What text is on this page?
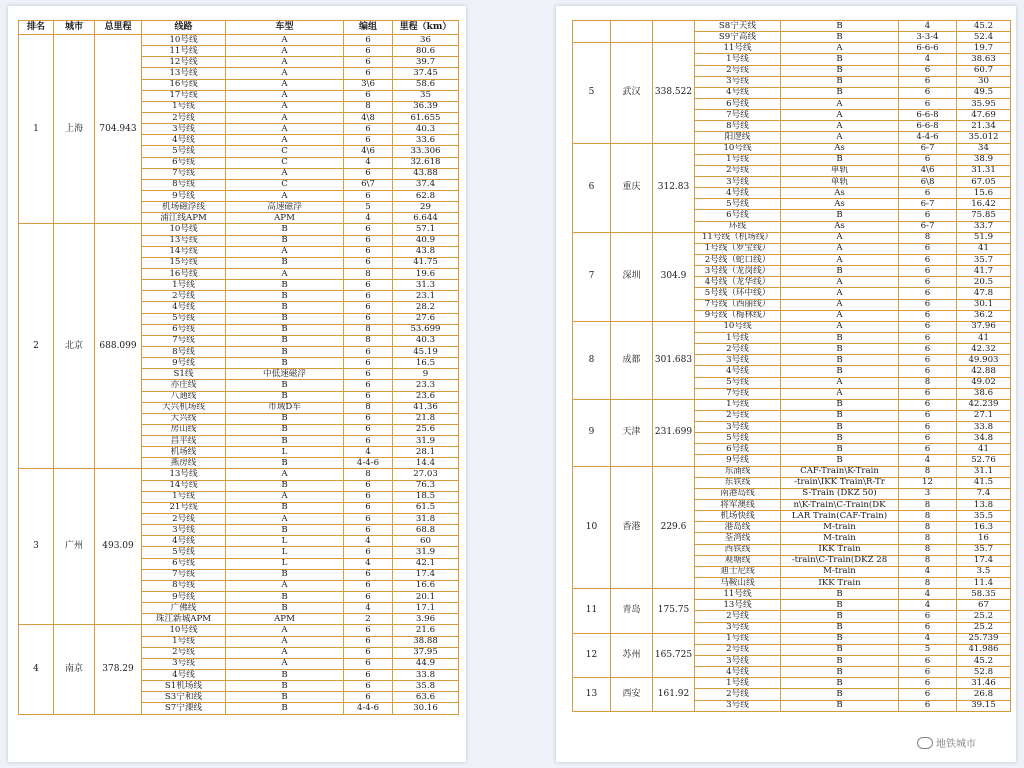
排名	城市	总里程	线路	车型	编组	里程（km）
1	上海	704.943	10号线	A	6	36
			11号线	A	6	80.6
			12号线	A	6	39.7
			13号线	A	6	37.45
			16号线	A	3\6	58.6
			17号线	A	6	35
			1号线	A	8	36.39
			2号线	A	4\8	61.655
			3号线	A	6	40.3
			4号线	A	6	33.6
			5号线	C	4\6	33.306
			6号线	C	4	32.618
			7号线	A	6	43.88
			8号线	C	6\7	37.4
			9号线	A	6	62.8
			机场磁浮线	高速磁浮	5	29
			浦江线APM	APM	4	6.644
2	北京	688.099	10号线	B	6	57.1
			13号线	B	6	40.9
			14号线	A	6	43.8
			15号线	B	6	41.75
			16号线	A	8	19.6
			1号线	B	6	31.3
			2号线	B	6	23.1
			4号线	B	6	28.2
			5号线	B	6	27.6
			6号线	B	8	53.699
			7号线	B	8	40.3
			8号线	B	6	45.19
			9号线	B	6	16.5
			S1线	中低速磁浮	6	9
			亦庄线	B	6	23.3
			八通线	B	6	23.6
			大兴机场线	市域D车	8	41.36
			大兴线	B	6	21.8
			房山线	B	6	25.6
			昌平线	B	6	31.9
			机场线	L	4	28.1
			燕房线	B	4-4-6	14.4
3	广州	493.09	13号线	A	8	27.03
			14号线	B	6	76.3
			1号线	A	6	18.5
			21号线	B	6	61.5
			2号线	A	6	31.8
			3号线	B	6	68.8
			4号线	L	4	60
			5号线	L	6	31.9
			6号线	L	4	42.1
			7号线	B	6	17.4
			8号线	A	6	16.6
			9号线	B	6	20.1
			广佛线	B	4	17.1
			珠江新城APM	APM	2	3.96
4	南京	378.29	10号线	A	6	21.6
			1号线	A	6	38.88
			2号线	A	6	37.95
			3号线	A	6	44.9
			4号线	B	6	33.8
			S1机场线	B	6	35.8
			S3宁和线	B	6	63.6
			S7宁溧线	B	4-4-6	30.16
			S8宁天线	B	4	45.2
			S9宁高线	B	3-3-4	52.4
5	武汉	338.522	11号线	A	6-6-6	19.7
			1号线	B	4	38.63
			2号线	B	6	60.7
			3号线	B	6	30
			4号线	B	6	49.5
			6号线	A	6	35.95
			7号线	A	6-6-8	47.69
			8号线	A	6-6-8	21.34
			阳逻线	A	4-4-6	35.012
6	重庆	312.83	10号线	As	6-7	34
			1号线	B	6	38.9
			2号线	单轨	4\6	31.31
			3号线	单轨	6\8	67.05
			4号线	As	6	15.6
			5号线	As	6-7	16.42
			6号线	B	6	75.85
			环线	As	6-7	33.7
7	深圳	304.9	11号线（机场线）	A	8	51.9
			1号线（罗宝线）	A	6	41
			2号线（蛇口线）	A	6	35.7
			3号线（龙岗线）	B	6	41.7
			4号线（龙华线）	A	6	20.5
			5号线（环中线）	A	6	47.8
			7号线（西丽线）	A	6	30.1
			9号线（梅林线）	A	6	36.2
8	成都	301.683	10号线	A	6	37.96
			1号线	B	6	41
			2号线	B	6	42.32
			3号线	B	6	49.903
			4号线	B	6	42.88
			5号线	A	8	49.02
			7号线	A	6	38.6
9	天津	231.699	1号线	B	6	42.239
			2号线	B	6	27.1
			3号线	B	6	33.8
			5号线	B	6	34.8
			6号线	B	6	41
			9号线	B	4	52.76
10	香港	229.6	东涌线	CAF-Train\K-Train	8	31.1
			东铁线	-train\IKK Train\R-Tr	12	41.5
			南港岛线	S-Train (DKZ 50)	3	7.4
			将军澳线	n\K-Train\C-Train(DK	8	13.8
			机场快线	LAR Train(CAF-Train)	8	35.5
			港岛线	M-train	8	16.3
			荃湾线	M-train	8	16
			西铁线	IKK Train	8	35.7
			观塘线	-train\C-Train(DKZ 28	8	17.4
			迪士尼线	M-train	4	3.5
			马鞍山线	IKK Train	8	11.4
11	青岛	175.75	11号线	B	4	58.35
			13号线	B	4	67
			2号线	B	6	25.2
			3号线	B	6	25.2
12	苏州	165.725	1号线	B	4	25.739
			2号线	B	5	41.986
			3号线	B	6	45.2
			4号线	B	6	52.8
13	西安	161.92	1号线	B	6	31.46
			2号线	B	6	26.8
			3号线	B	6	39.15
地铁城市
